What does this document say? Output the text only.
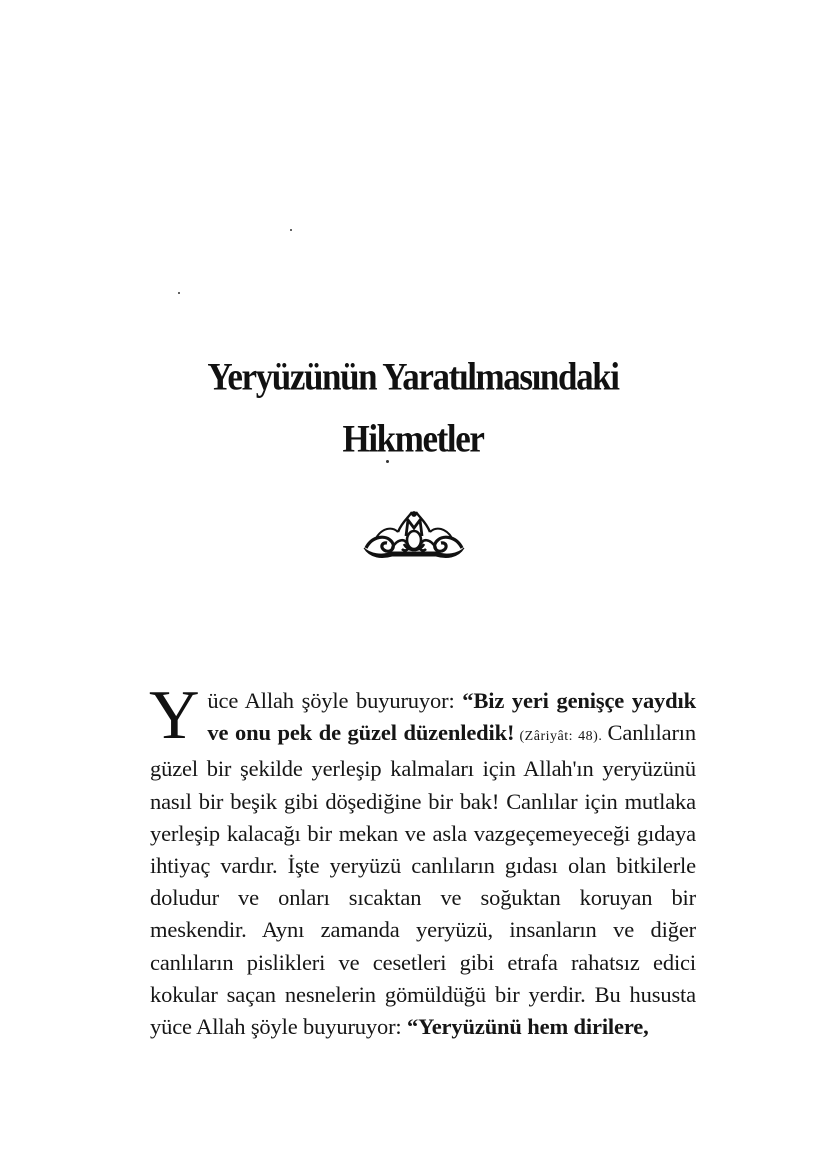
Yeryüzünün Yaratılmasındaki
Hikmetler
Yüce Allah şöyle buyuruyor: “Biz yeri genişçe yaydık ve onu pek de güzel düzenledik! (Zâriyât: 48). Canlıların güzel bir şekilde yerleşip kalmaları için Allah'ın yeryüzünü nasıl bir beşik gibi döşediğine bir bak! Canlılar için mutlaka yerleşip kalacağı bir mekan ve asla vazgeçemeyeceği gıdaya ihtiyaç vardır. İşte yeryüzü canlıların gıdası olan bitkilerle doludur ve onları sıcaktan ve soğuktan koruyan bir meskendir. Aynı zamanda yeryüzü, insanların ve diğer canlıların pislikleri ve cesetleri gibi etrafa rahatsız edici kokular saçan nesnelerin gömüldüğü bir yerdir. Bu hususta yüce Allah şöyle buyuruyor: “Yeryüzünü hem dirilere,
